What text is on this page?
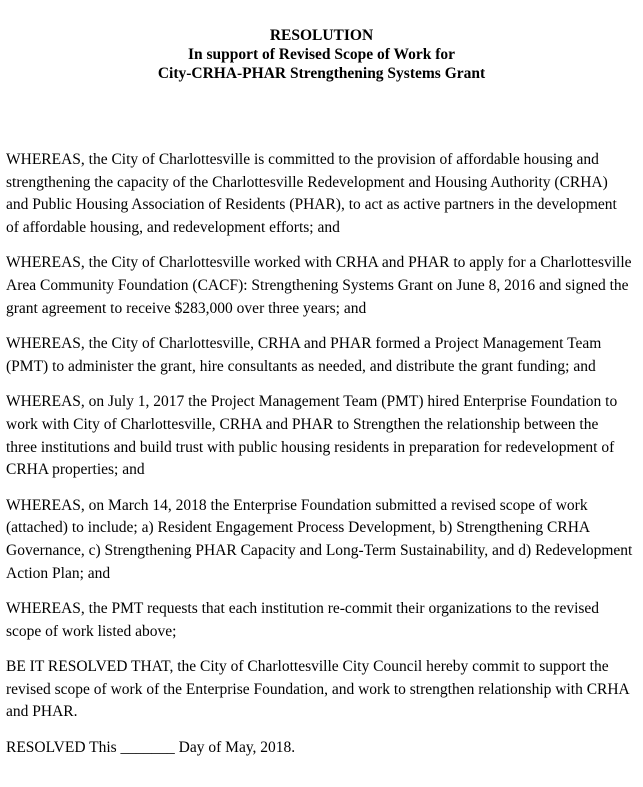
RESOLUTION
In support of Revised Scope of Work for
City-CRHA-PHAR Strengthening Systems Grant

WHEREAS, the City of Charlottesville is committed to the provision of affordable housing and strengthening the capacity of the Charlottesville Redevelopment and Housing Authority (CRHA) and Public Housing Association of Residents (PHAR), to act as active partners in the development of affordable housing, and redevelopment efforts; and

WHEREAS, the City of Charlottesville worked with CRHA and PHAR to apply for a Charlottesville Area Community Foundation (CACF): Strengthening Systems Grant on June 8, 2016 and signed the grant agreement to receive $283,000 over three years; and

WHEREAS, the City of Charlottesville, CRHA and PHAR formed a Project Management Team (PMT) to administer the grant, hire consultants as needed, and distribute the grant funding; and

WHEREAS, on July 1, 2017 the Project Management Team (PMT) hired Enterprise Foundation to work with City of Charlottesville, CRHA and PHAR to Strengthen the relationship between the three institutions and build trust with public housing residents in preparation for redevelopment of CRHA properties; and

WHEREAS, on March 14, 2018 the Enterprise Foundation submitted a revised scope of work (attached) to include; a) Resident Engagement Process Development, b) Strengthening CRHA Governance, c) Strengthening PHAR Capacity and Long-Term Sustainability, and d) Redevelopment Action Plan; and

WHEREAS, the PMT requests that each institution re-commit their organizations to the revised scope of work listed above;

BE IT RESOLVED THAT, the City of Charlottesville City Council hereby commit to support the revised scope of work of the Enterprise Foundation, and work to strengthen relationship with CRHA and PHAR.

RESOLVED This _______ Day of May, 2018.
